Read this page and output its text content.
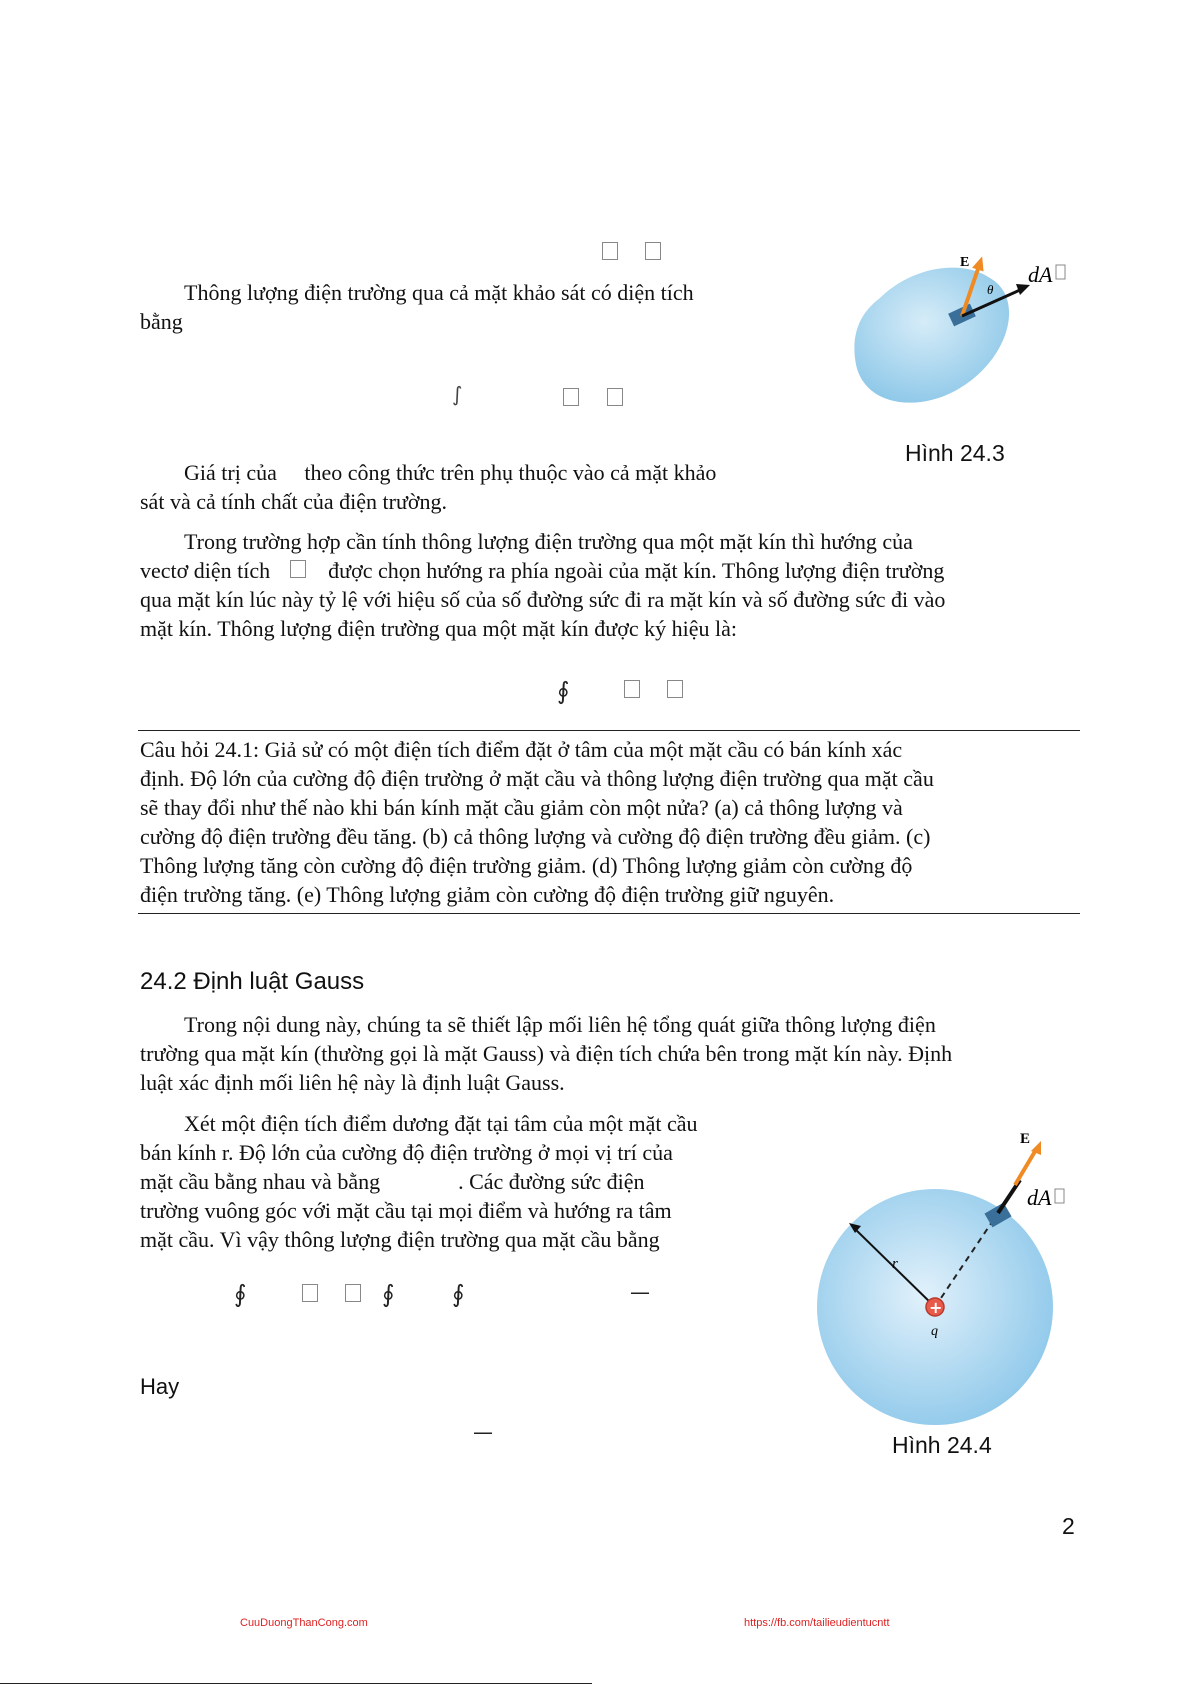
Thông lượng điện trường qua cả mặt khảo sát có diện tích
bằng
∫
E
θ
dA
Hình 24.3
Giá trị của     theo công thức trên phụ thuộc vào cả mặt khảo
sát và cả tính chất của điện trường.
Trong trường hợp cần tính thông lượng điện trường qua một mặt kín thì hướng của
vectơ diện tích	được chọn hướng ra phía ngoài của mặt kín. Thông lượng điện trường
qua mặt kín lúc này tỷ lệ với hiệu số của số đường sức đi ra mặt kín và số đường sức đi vào
mặt kín. Thông lượng điện trường qua một mặt kín được ký hiệu là:
∮
Câu hỏi 24.1: Giả sử có một điện tích điểm đặt ở tâm của một mặt cầu có bán kính xác
định. Độ lớn của cường độ điện trường ở mặt cầu và thông lượng điện trường qua mặt cầu
sẽ thay đổi như thế nào khi bán kính mặt cầu giảm còn một nửa? (a) cả thông lượng và
cường độ điện trường đều tăng. (b) cả thông lượng và cường độ điện trường đều giảm. (c)
Thông lượng tăng còn cường độ điện trường giảm. (d) Thông lượng giảm còn cường độ
điện trường tăng. (e) Thông lượng giảm còn cường độ điện trường giữ nguyên.
24.2 Định luật Gauss
Trong nội dung này, chúng ta sẽ thiết lập mối liên hệ tổng quát giữa thông lượng điện
trường qua mặt kín (thường gọi là mặt Gauss) và điện tích chứa bên trong mặt kín này. Định
luật xác định mối liên hệ này là định luật Gauss.
Xét một điện tích điểm dương đặt tại tâm của một mặt cầu
bán kính r. Độ lớn của cường độ điện trường ở mọi vị trí của
mặt cầu bằng nhau và bằng	. Các đường sức điện
trường vuông góc với mặt cầu tại mọi điểm và hướng ra tâm
mặt cầu. Vì vậy thông lượng điện trường qua mặt cầu bằng
∮	∮ ∮	—
Hay
—
+
r
q
E
dA
Hình 24.4
2
CuuDuongThanCong.com	https://fb.com/tailieudientucntt
